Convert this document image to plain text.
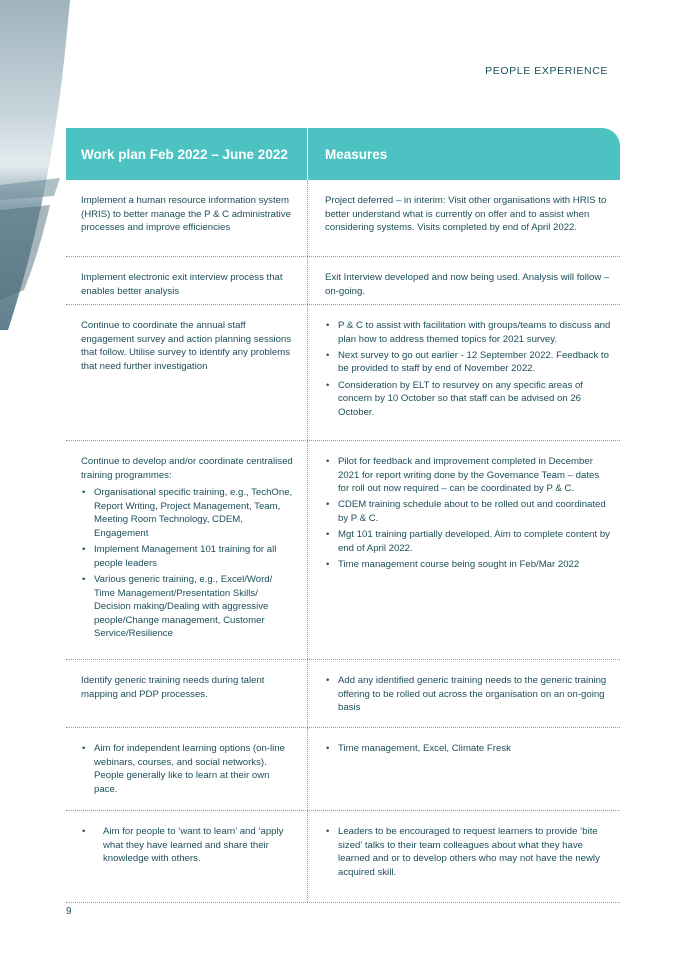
PEOPLE EXPERIENCE
Work plan Feb 2022 – June 2022	Measures
Implement a human resource information system (HRIS) to better manage the P & C administrative processes and improve efficiencies
Project deferred – in interim: Visit other organisations with HRIS to better understand what is currently on offer and to assist when considering systems. Visits completed by end of April 2022.
Implement electronic exit interview process that enables better analysis
Exit Interview developed and now being used. Analysis will follow – on-going.
Continue to coordinate the annual staff engagement survey and action planning sessions that follow. Utilise survey to identify any problems that need further investigation
• P & C to assist with facilitation with groups/teams to discuss and plan how to address themed topics for 2021 survey.
• Next survey to go out earlier - 12 September 2022. Feedback to be provided to staff by end of November 2022.
• Consideration by ELT to resurvey on any specific areas of concern by 10 October so that staff can be advised on 26 October.
Continue to develop and/or coordinate centralised training programmes:
• Organisational specific training, e.g., TechOne, Report Writing, Project Management, Team, Meeting Room Technology, CDEM, Engagement
• Implement Management 101 training for all people leaders
• Various generic training, e.g., Excel/Word/ Time Management/Presentation Skills/ Decision making/Dealing with aggressive people/Change management, Customer Service/Resilience
• Pilot for feedback and improvement completed in December 2021 for report writing done by the Governance Team – dates for roll out now required – can be coordinated by P & C.
• CDEM training schedule about to be rolled out and coordinated by P & C.
• Mgt 101 training partially developed. Aim to complete content by end of April 2022.
• Time management course being sought in Feb/Mar 2022
Identify generic training needs during talent mapping and PDP processes.
• Add any identified generic training needs to the generic training offering to be rolled out across the organisation on an on-going basis
• Aim for independent learning options (on-line webinars, courses, and social networks). People generally like to learn at their own pace.
• Time management, Excel, Climate Fresk
• Aim for people to ‘want to learn’ and ‘apply what they have learned and share their knowledge with others.
• Leaders to be encouraged to request learners to provide ‘bite sized’ talks to their team colleagues about what they have learned and or to develop others who may not have the newly acquired skill.
9
